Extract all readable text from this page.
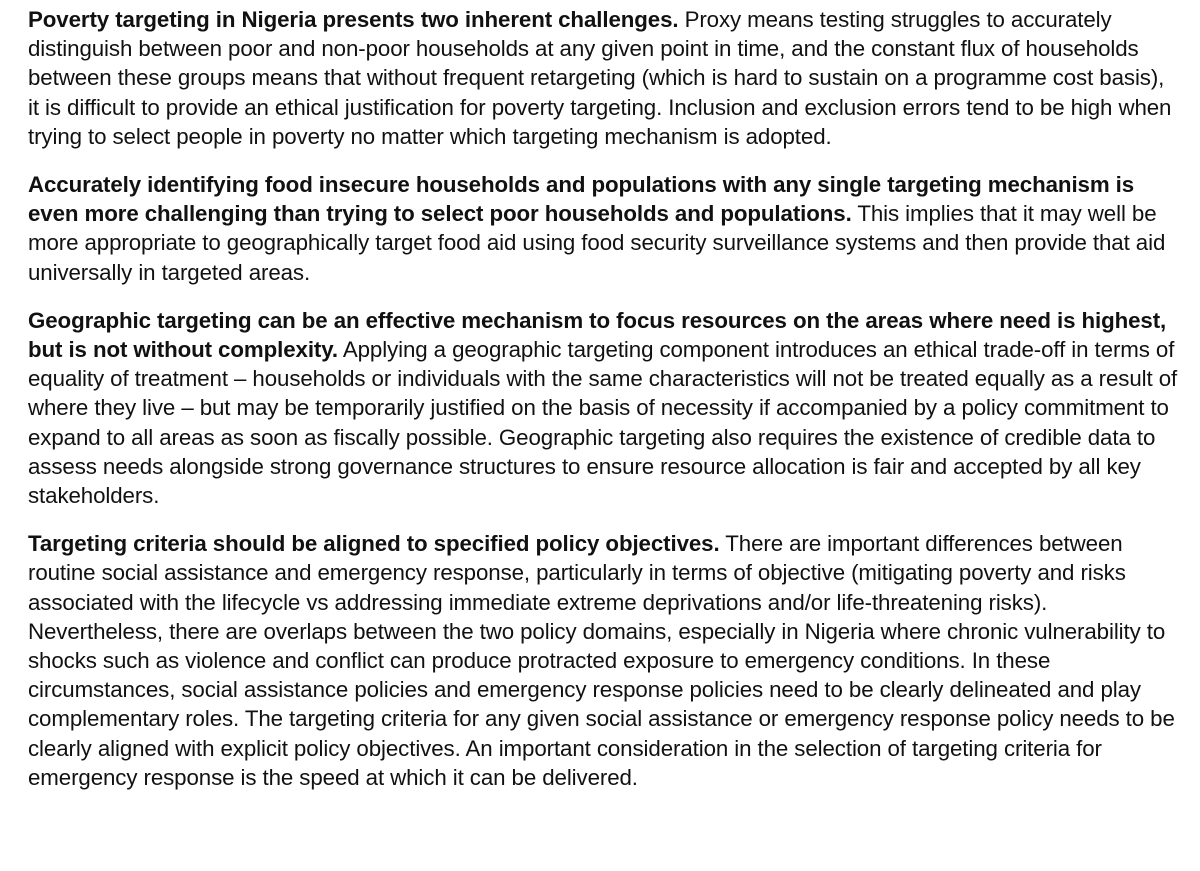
Poverty targeting in Nigeria presents two inherent challenges. Proxy means testing struggles to accurately distinguish between poor and non-poor households at any given point in time, and the constant flux of households between these groups means that without frequent retargeting (which is hard to sustain on a programme cost basis), it is difficult to provide an ethical justification for poverty targeting. Inclusion and exclusion errors tend to be high when trying to select people in poverty no matter which targeting mechanism is adopted.

Accurately identifying food insecure households and populations with any single targeting mechanism is even more challenging than trying to select poor households and populations. This implies that it may well be more appropriate to geographically target food aid using food security surveillance systems and then provide that aid universally in targeted areas.

Geographic targeting can be an effective mechanism to focus resources on the areas where need is highest, but is not without complexity. Applying a geographic targeting component introduces an ethical trade-off in terms of equality of treatment – households or individuals with the same characteristics will not be treated equally as a result of where they live – but may be temporarily justified on the basis of necessity if accompanied by a policy commitment to expand to all areas as soon as fiscally possible. Geographic targeting also requires the existence of credible data to assess needs alongside strong governance structures to ensure resource allocation is fair and accepted by all key stakeholders.

Targeting criteria should be aligned to specified policy objectives. There are important differences between routine social assistance and emergency response, particularly in terms of objective (mitigating poverty and risks associated with the lifecycle vs addressing immediate extreme deprivations and/or life-threatening risks). Nevertheless, there are overlaps between the two policy domains, especially in Nigeria where chronic vulnerability to shocks such as violence and conflict can produce protracted exposure to emergency conditions. In these circumstances, social assistance policies and emergency response policies need to be clearly delineated and play complementary roles. The targeting criteria for any given social assistance or emergency response policy needs to be clearly aligned with explicit policy objectives. An important consideration in the selection of targeting criteria for emergency response is the speed at which it can be delivered.
